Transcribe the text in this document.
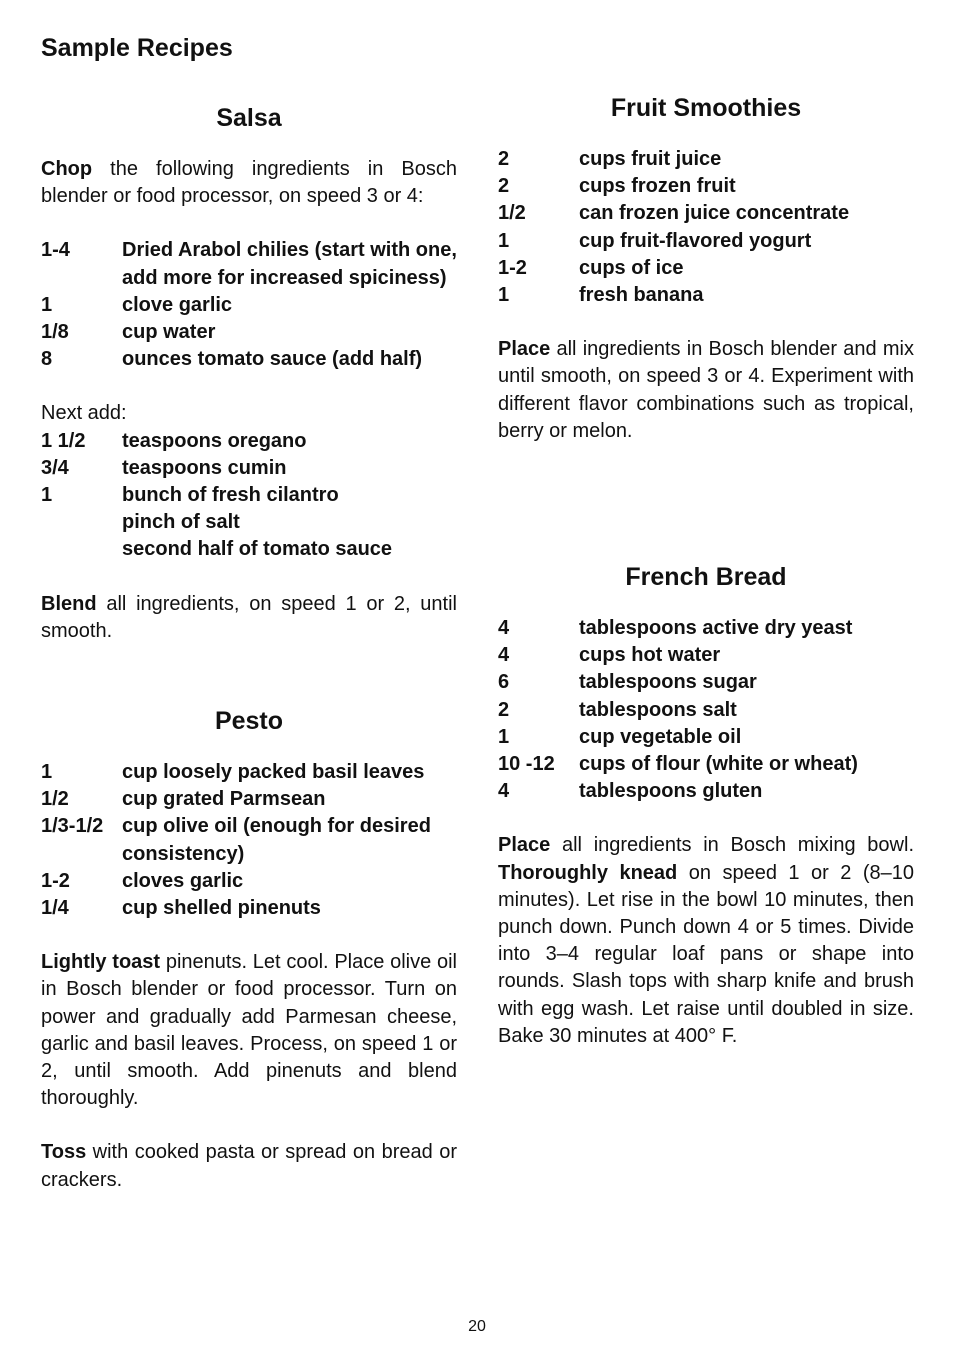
Sample Recipes
Salsa

Chop the following ingredients in Bosch blender or food processor, on speed 3 or 4:

1-4	Dried Arabol chilies (start with one, add more for increased spiciness)
1	clove garlic
1/8	cup water
8	ounces tomato sauce (add half)

Next add:

1 1/2	teaspoons oregano
3/4	teaspoons cumin
1	bunch of fresh cilantro
pinch of salt
second half of tomato sauce

Blend all ingredients, on speed 1 or 2, until smooth.

Pesto
1	cup loosely packed basil leaves
1/2	cup grated Parmsean
1/3-1/2 cup olive oil (enough for desired consistency)
1-2	cloves garlic
1/4	cup shelled pinenuts

Lightly toast pinenuts. Let cool. Place olive oil in Bosch blender or food processor. Turn on power and gradually add Parmesan cheese, garlic and basil leaves. Process, on speed 1 or 2, until smooth. Add pinenuts and blend thoroughly.

Toss with cooked pasta or spread on bread or crackers.

Fruit Smoothies
2	cups fruit juice
2	cups frozen fruit
1/2	can frozen juice concentrate
1	cup fruit-flavored yogurt
1-2	cups of ice
1	fresh banana

Place all ingredients in Bosch blender and mix until smooth, on speed 3 or 4. Experiment with different flavor combinations such as tropical, berry or melon.

French Bread
4	tablespoons active dry yeast
4	cups hot water
6	tablespoons sugar
2	tablespoons salt
1	cup vegetable oil
10 -12	cups of flour (white or wheat)
4	tablespoons gluten

Place all ingredients in Bosch mixing bowl. Thoroughly knead on speed 1 or 2 (8–10 minutes). Let rise in the bowl 10 minutes, then punch down. Punch down 4 or 5 times. Divide into 3–4 regular loaf pans or shape into rounds. Slash tops with sharp knife and brush with egg wash. Let raise until doubled in size. Bake 30 minutes at 400° F.

20
